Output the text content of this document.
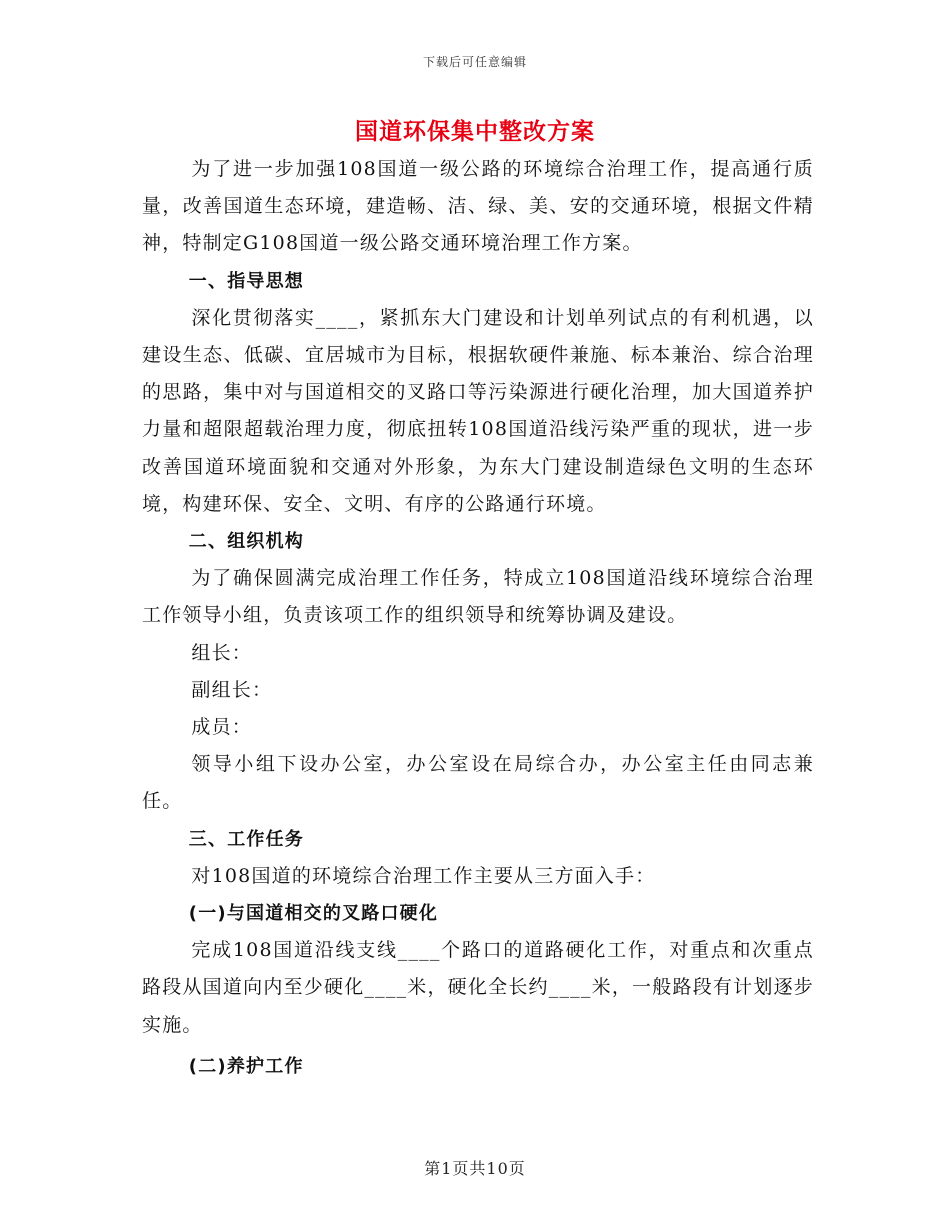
下载后可任意编辑
国道环保集中整改方案

为了进一步加强108国道一级公路的环境综合治理工作，提高通行质量，改善国道生态环境，建造畅、洁、绿、美、安的交通环境，根据文件精神，特制定G108国道一级公路交通环境治理工作方案。

一、指导思想

深化贯彻落实____，紧抓东大门建设和计划单列试点的有利机遇，以建设生态、低碳、宜居城市为目标，根据软硬件兼施、标本兼治、综合治理的思路，集中对与国道相交的叉路口等污染源进行硬化治理，加大国道养护力量和超限超载治理力度，彻底扭转108国道沿线污染严重的现状，进一步改善国道环境面貌和交通对外形象，为东大门建设制造绿色文明的生态环境，构建环保、安全、文明、有序的公路通行环境。

二、组织机构

为了确保圆满完成治理工作任务，特成立108国道沿线环境综合治理工作领导小组，负责该项工作的组织领导和统筹协调及建设。

组长：

副组长：

成员：

领导小组下设办公室，办公室设在局综合办，办公室主任由同志兼任。

三、工作任务

对108国道的环境综合治理工作主要从三方面入手：

(一)与国道相交的叉路口硬化

完成108国道沿线支线____个路口的道路硬化工作，对重点和次重点路段从国道向内至少硬化____米，硬化全长约____米，一般路段有计划逐步实施。

(二)养护工作

第1页共10页
